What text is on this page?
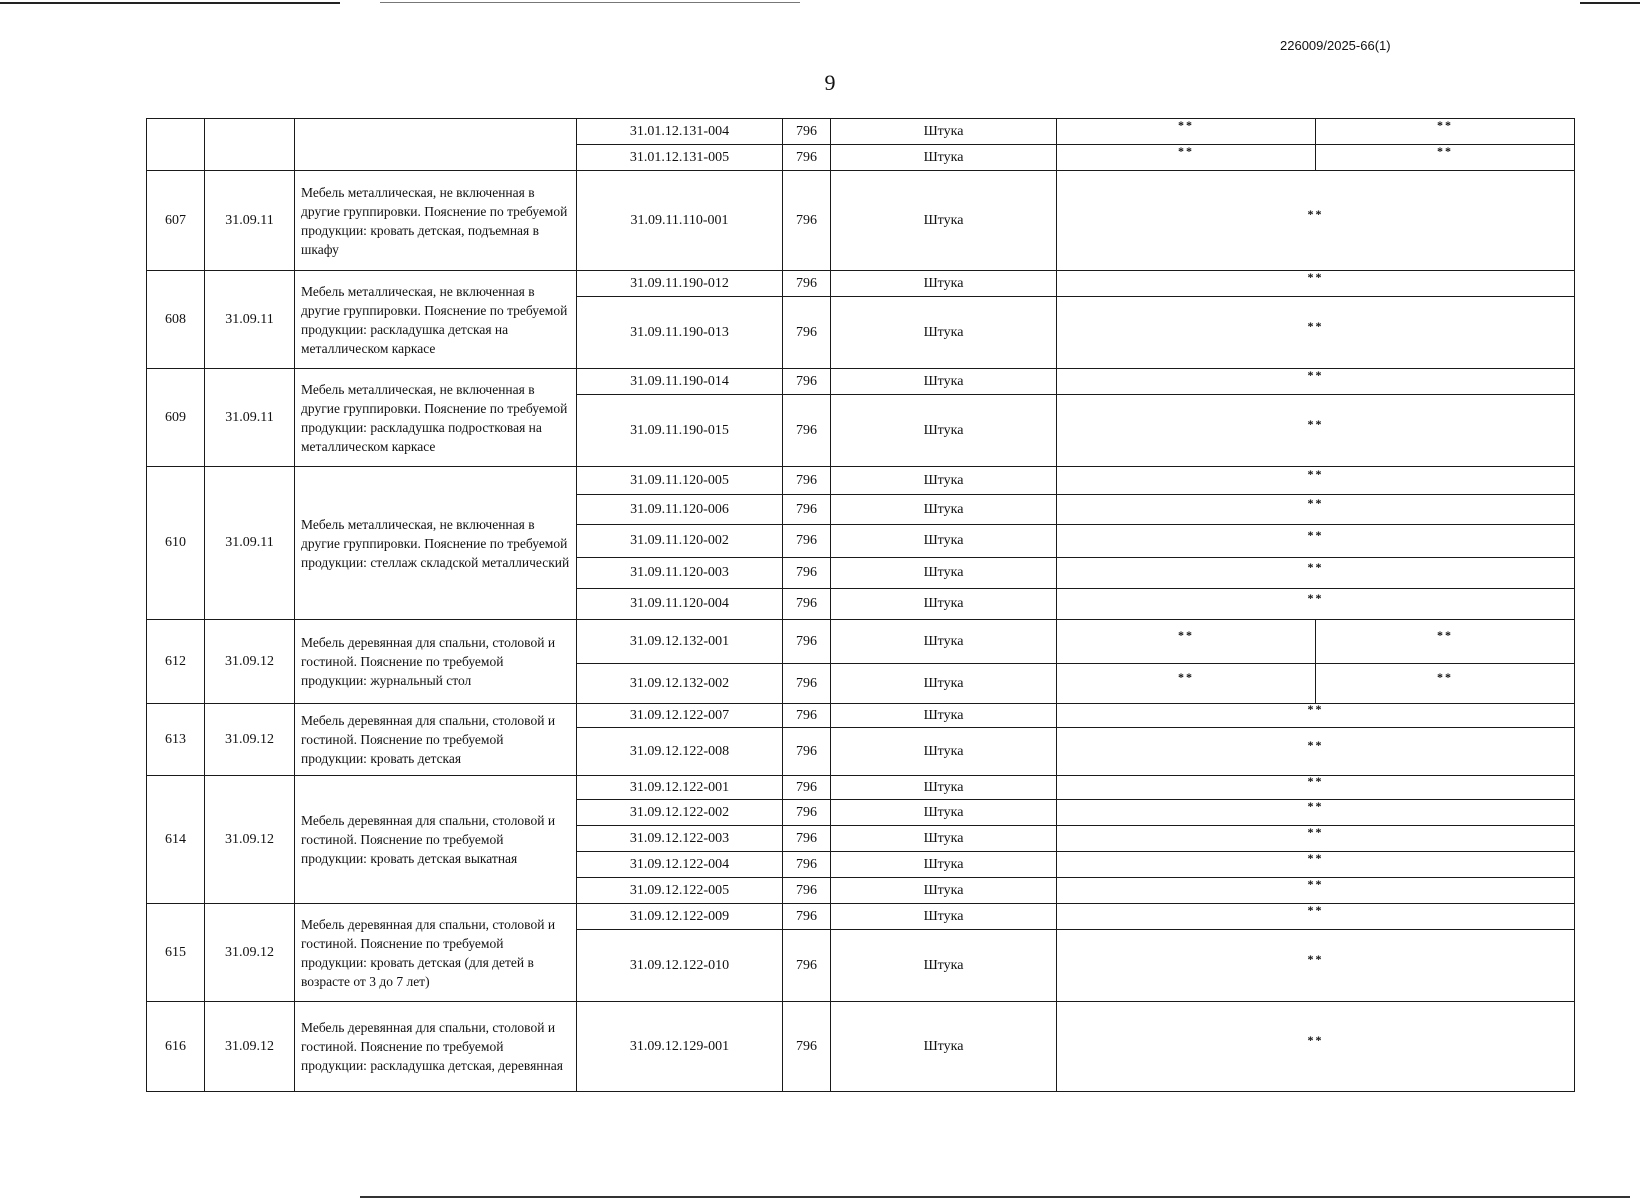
226009/2025-66(1)
9
			31.01.12.131-004	796	Штука	**	**
			31.01.12.131-005	796	Штука	**	**
607	31.09.11	Мебель металлическая, не включенная в другие группировки. Пояснение по требуемой продукции: кровать детская, подъемная в шкафу	31.09.11.110-001	796	Штука	**	
608	31.09.11	Мебель металлическая, не включенная в другие группировки. Пояснение по требуемой продукции: раскладушка детская на металлическом каркасе	31.09.11.190-012	796	Штука	**	
			31.09.11.190-013	796	Штука	**	
609	31.09.11	Мебель металлическая, не включенная в другие группировки. Пояснение по требуемой продукции: раскладушка подростковая на металлическом каркасе	31.09.11.190-014	796	Штука	**	
			31.09.11.190-015	796	Штука	**	
610	31.09.11	Мебель металлическая, не включенная в другие группировки. Пояснение по требуемой продукции: стеллаж складской металлический	31.09.11.120-005	796	Штука	**	
			31.09.11.120-006	796	Штука	**	
			31.09.11.120-002	796	Штука	**	
			31.09.11.120-003	796	Штука	**	
			31.09.11.120-004	796	Штука	**	
612	31.09.12	Мебель деревянная для спальни, столовой и гостиной. Пояснение по требуемой продукции: журнальный стол	31.09.12.132-001	796	Штука	**	**
			31.09.12.132-002	796	Штука	**	**
613	31.09.12	Мебель деревянная для спальни, столовой и гостиной. Пояснение по требуемой продукции: кровать детская	31.09.12.122-007	796	Штука	**	
			31.09.12.122-008	796	Штука	**	
614	31.09.12	Мебель деревянная для спальни, столовой и гостиной. Пояснение по требуемой продукции: кровать детская выкатная	31.09.12.122-001	796	Штука	**	
			31.09.12.122-002	796	Штука	**	
			31.09.12.122-003	796	Штука	**	
			31.09.12.122-004	796	Штука	**	
			31.09.12.122-005	796	Штука	**	
615	31.09.12	Мебель деревянная для спальни, столовой и гостиной. Пояснение по требуемой продукции: кровать детская (для детей в возрасте от 3 до 7 лет)	31.09.12.122-009	796	Штука	**	
			31.09.12.122-010	796	Штука	**	
616	31.09.12	Мебель деревянная для спальни, столовой и гостиной. Пояснение по требуемой продукции: раскладушка детская, деревянная	31.09.12.129-001	796	Штука	**	
